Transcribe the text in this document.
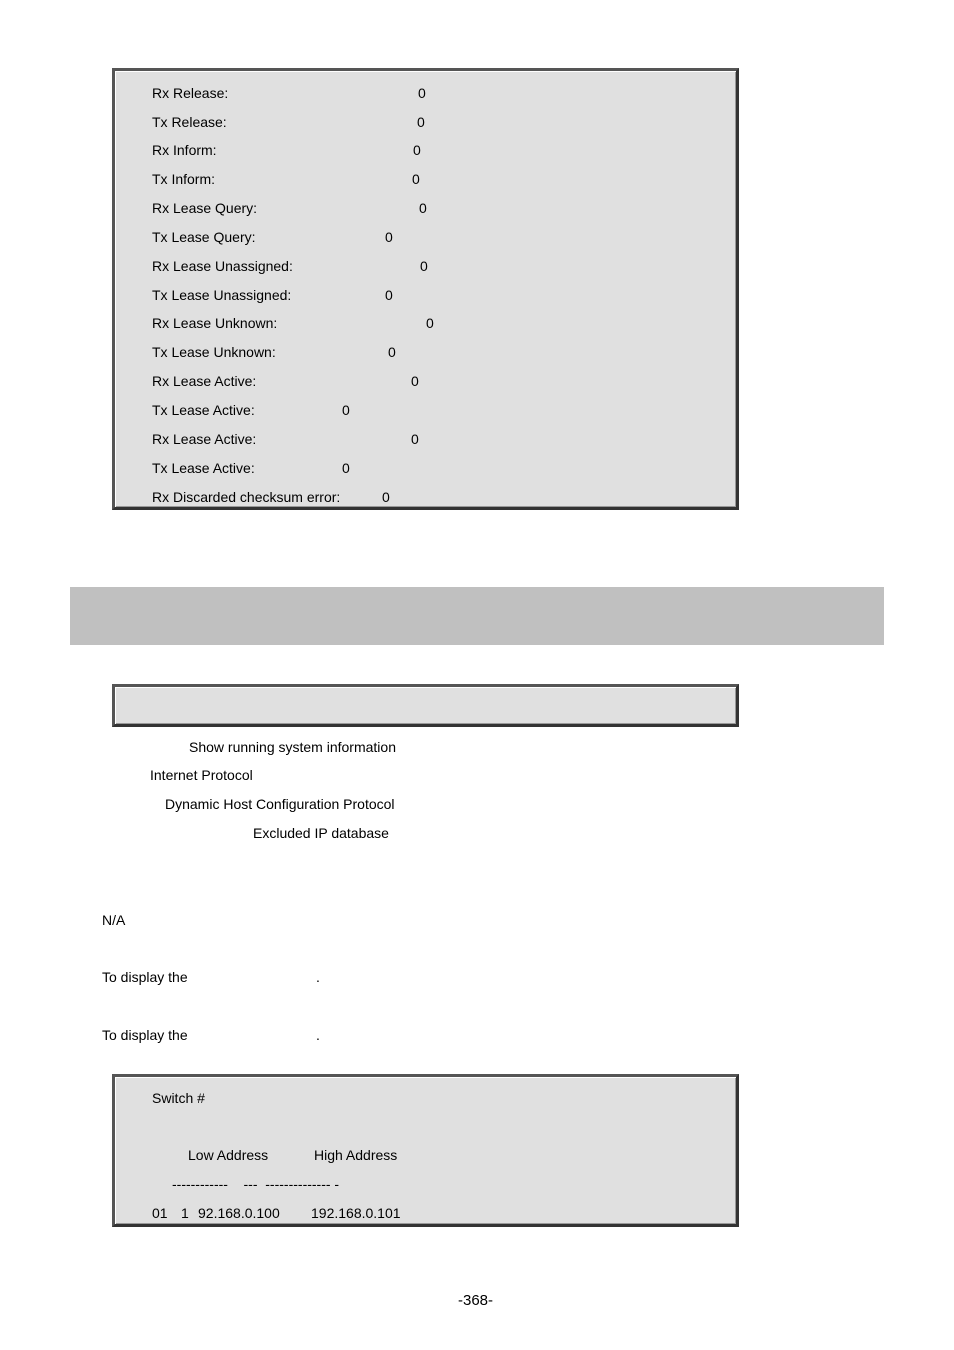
Rx Release:	0
Tx Release:	0
Rx Inform:	0
Tx Inform:	0
Rx Lease Query:	0
Tx Lease Query:	0
Rx Lease Unassigned:	0
Tx Lease Unassigned:	0
Rx Lease Unknown:	0
Tx Lease Unknown:	0
Rx Lease Active:	0
Tx Lease Active:	0
Rx Lease Active:	0
Tx Lease Active:	0
Rx Discarded checksum error:	0
Show running system information
Internet Protocol
Dynamic Host Configuration Protocol
Excluded IP database
N/A
To display the	.
To display the	.
Switch #
Low Address	High Address
------------    ---  -------------- -
01 1 92.168.0.100 192.168.0.101
-368-
